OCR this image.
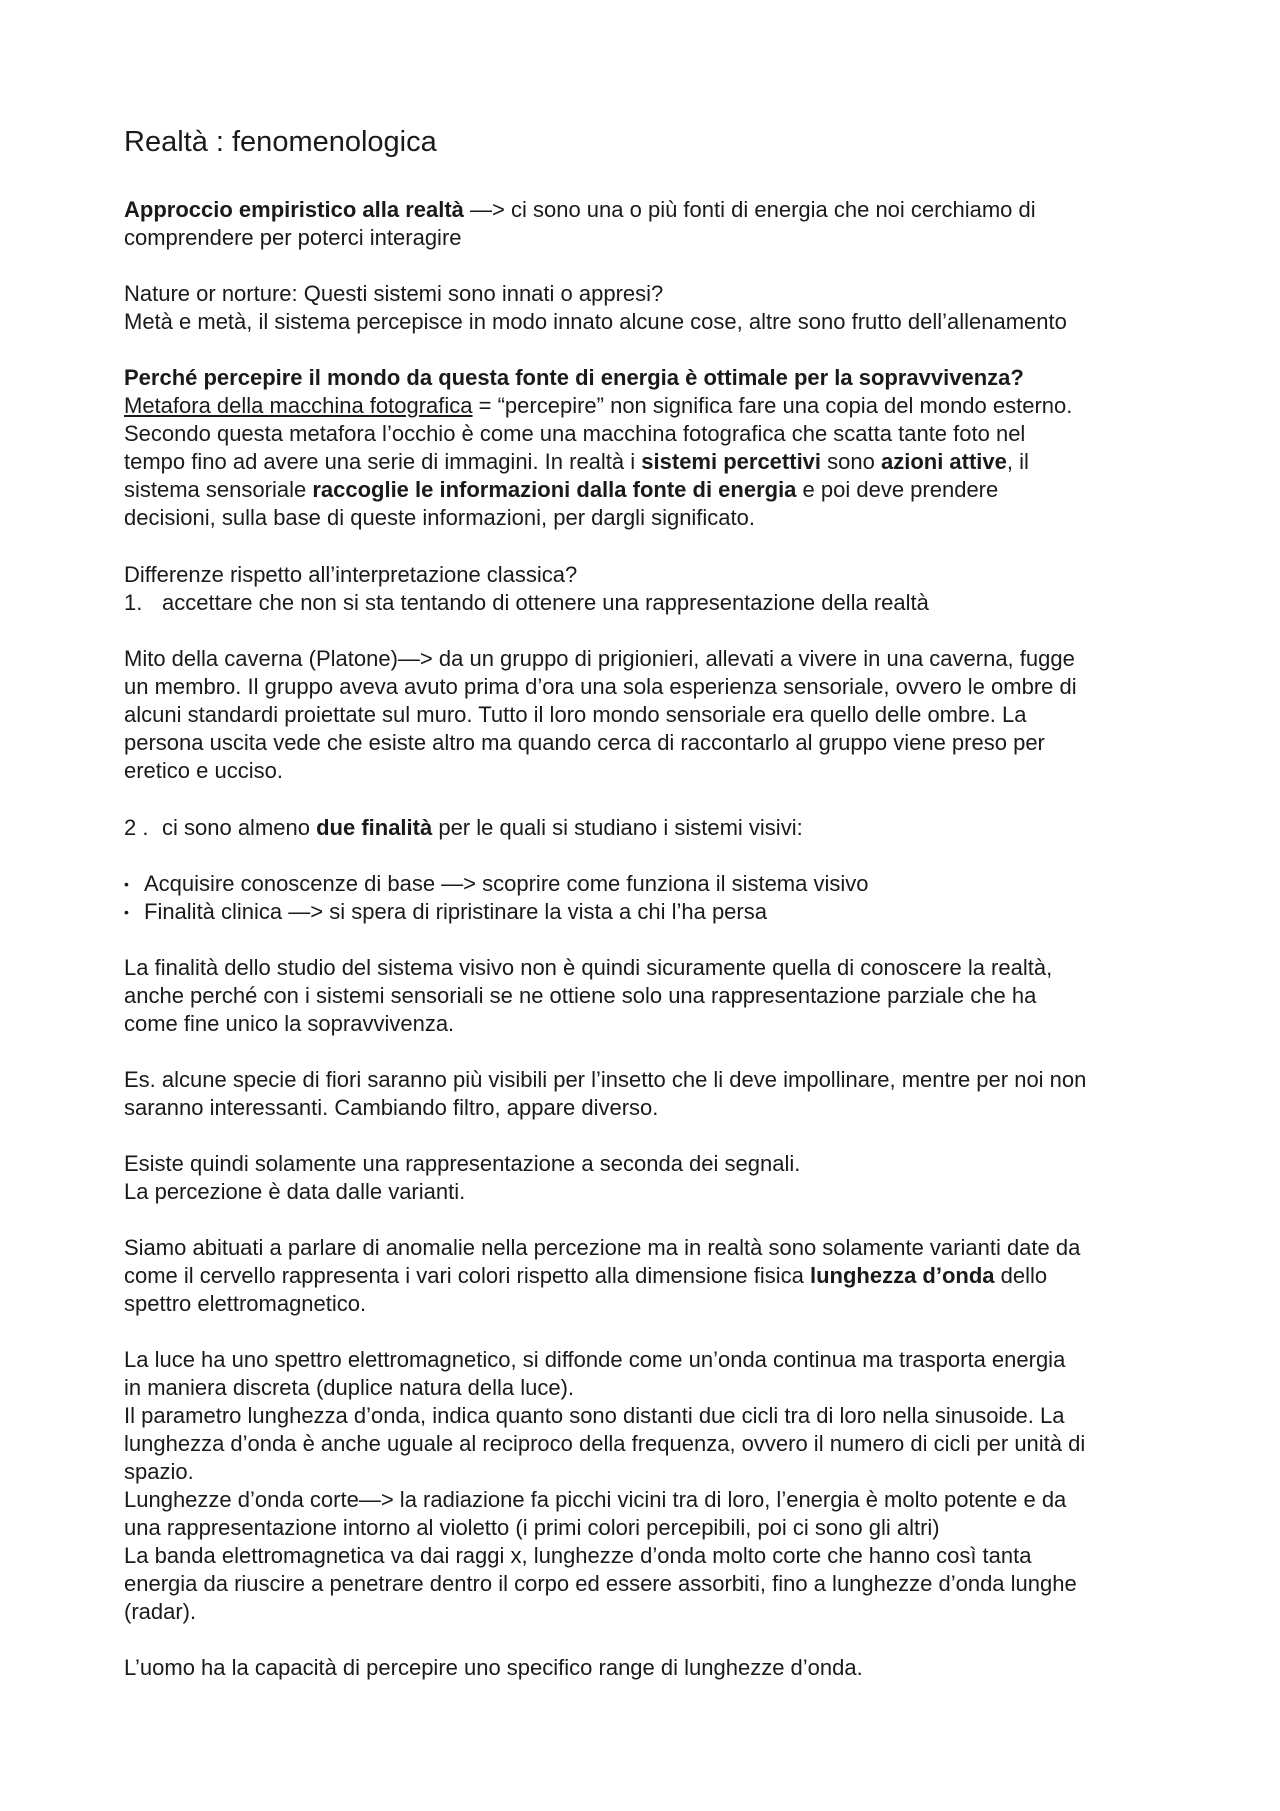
Realtà : fenomenologica
Approccio empiristico alla realtà —> ci sono una o più fonti di energia che noi cerchiamo di
comprendere per poterci interagire
Nature or norture: Questi sistemi sono innati o appresi?
Metà e metà, il sistema percepisce in modo innato alcune cose, altre sono frutto dell’allenamento
Perché percepire il mondo da questa fonte di energia è ottimale per la sopravvivenza?
Metafora della macchina fotografica = “percepire” non significa fare una copia del mondo esterno.
Secondo questa metafora l’occhio è come una macchina fotografica che scatta tante foto nel
tempo fino ad avere una serie di immagini. In realtà i sistemi percettivi sono azioni attive, il
sistema sensoriale raccoglie le informazioni dalla fonte di energia e poi deve prendere
decisioni, sulla base di queste informazioni, per dargli significato.
Differenze rispetto all’interpretazione classica?
1. accettare che non si sta tentando di ottenere una rappresentazione della realtà
Mito della caverna (Platone)—> da un gruppo di prigionieri, allevati a vivere in una caverna, fugge
un membro. Il gruppo aveva avuto prima d’ora una sola esperienza sensoriale, ovvero le ombre di
alcuni standardi proiettate sul muro. Tutto il loro mondo sensoriale era quello delle ombre. La
persona uscita vede che esiste altro ma quando cerca di raccontarlo al gruppo viene preso per
eretico e ucciso.
2 . ci sono almeno due finalità per le quali si studiano i sistemi visivi:
• Acquisire conoscenze di base —> scoprire come funziona il sistema visivo
• Finalità clinica —> si spera di ripristinare la vista a chi l’ha persa
La finalità dello studio del sistema visivo non è quindi sicuramente quella di conoscere la realtà,
anche perché con i sistemi sensoriali se ne ottiene solo una rappresentazione parziale che ha
come fine unico la sopravvivenza.
Es. alcune specie di fiori saranno più visibili per l’insetto che li deve impollinare, mentre per noi non
saranno interessanti. Cambiando filtro, appare diverso.
Esiste quindi solamente una rappresentazione a seconda dei segnali.
La percezione è data dalle varianti.
Siamo abituati a parlare di anomalie nella percezione ma in realtà sono solamente varianti date da
come il cervello rappresenta i vari colori rispetto alla dimensione fisica lunghezza d’onda dello
spettro elettromagnetico.
La luce ha uno spettro elettromagnetico, si diffonde come un’onda continua ma trasporta energia
in maniera discreta (duplice natura della luce).
Il parametro lunghezza d’onda, indica quanto sono distanti due cicli tra di loro nella sinusoide. La
lunghezza d’onda è anche uguale al reciproco della frequenza, ovvero il numero di cicli per unità di
spazio.
Lunghezze d’onda corte—> la radiazione fa picchi vicini tra di loro, l’energia è molto potente e da
una rappresentazione intorno al violetto (i primi colori percepibili, poi ci sono gli altri)
La banda elettromagnetica va dai raggi x, lunghezze d’onda molto corte che hanno così tanta
energia da riuscire a penetrare dentro il corpo ed essere assorbiti, fino a lunghezze d’onda lunghe
(radar).
L’uomo ha la capacità di percepire uno specifico range di lunghezze d’onda.
